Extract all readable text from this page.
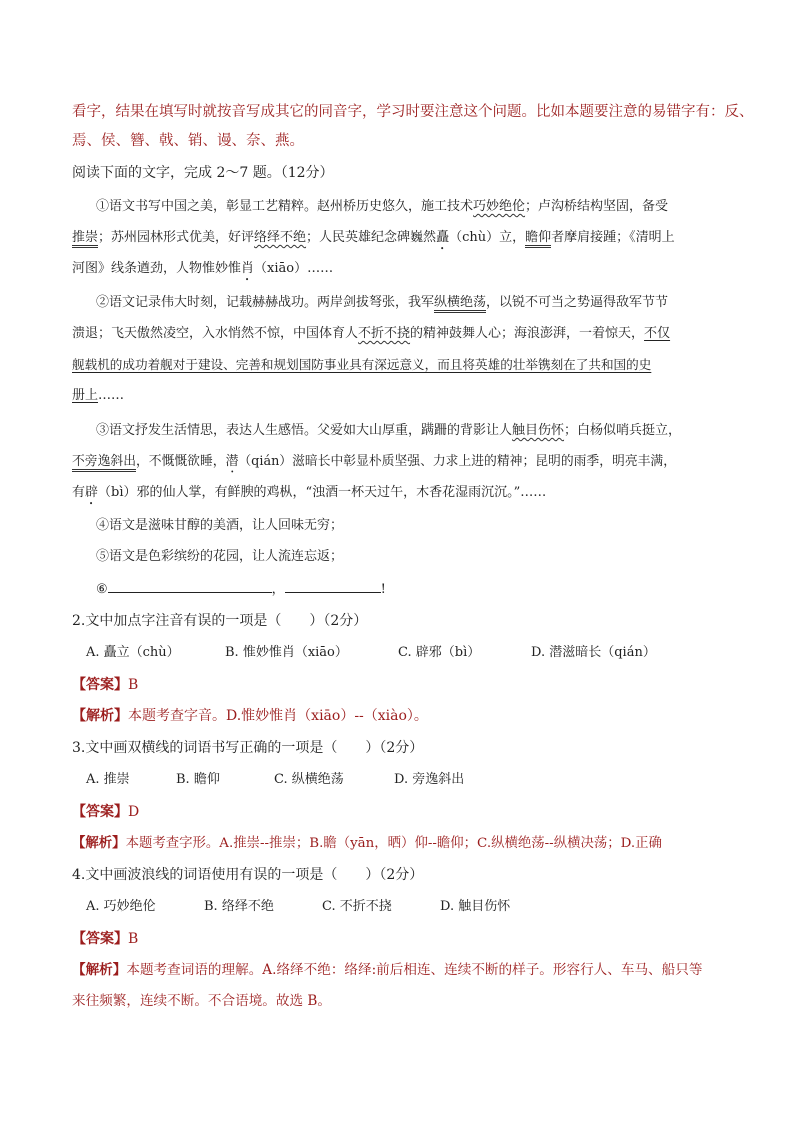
看字，结果在填写时就按音写成其它的同音字，学习时要注意这个问题。比如本题要注意的易错字有：反、
焉、侯、簪、戟、销、谩、奈、燕。
阅读下面的文字，完成 2～7 题。（12分）
①语文书写中国之美，彰显工艺精粹。赵州桥历史悠久，施工技术巧妙绝伦；卢沟桥结构坚固，备受
推崇；苏州园林形式优美，好评络绎不绝；人民英雄纪念碑巍然矗（chù）立，瞻仰者摩肩接踵；《清明上
河图》线条遒劲，人物惟妙惟肖（xiāo）……
②语文记录伟大时刻，记载赫赫战功。两岸剑拔弩张，我军纵横绝荡，以锐不可当之势逼得敌军节节
溃退；飞天傲然凌空，入水悄然不惊，中国体育人不折不挠的精神鼓舞人心；海浪澎湃，一着惊天，不仅
舰载机的成功着舰对于建设、完善和规划国防事业具有深远意义，而且将英雄的壮举镌刻在了共和国的史
册上……
③语文抒发生活情思，表达人生感悟。父爱如大山厚重，蹒跚的背影让人触目伤怀；白杨似哨兵挺立，
不旁逸斜出，不慨慨欲睡，潜（qián）滋暗长中彰显朴质坚强、力求上进的精神；昆明的雨季，明亮丰满，
有辟（bì）邪的仙人掌，有鲜腴的鸡枞，“浊酒一杯天过午，木香花湿雨沉沉。”……
④语文是滋味甘醇的美酒，让人回味无穷；
⑤语文是色彩缤纷的花园，让人流连忘返；
⑥	，	!
2.文中加点字注音有误的一项是（　　）（2分）
A. 矗立（chù）	B. 惟妙惟肖（xiāo）	C. 辟邪（bì）	D. 潜滋暗长（qián）
【答案】B
【解析】本题考查字音。D.惟妙惟肖（xiāo）--（xiào）。
3.文中画双横线的词语书写正确的一项是（　　）（2分）
A. 推崇	B. 瞻仰	C. 纵横绝荡	D. 旁逸斜出
【答案】D
【解析】本题考查字形。A.推崇--推崇；B.瞻（yān，晒）仰--瞻仰；C.纵横绝荡--纵横决荡；D.正确
4.文中画波浪线的词语使用有误的一项是（　　）（2分）
A. 巧妙绝伦	B. 络绎不绝	C. 不折不挠	D. 触目伤怀
【答案】B
【解析】本题考查词语的理解。A.络绎不绝：络绎:前后相连、连续不断的样子。形容行人、车马、船只等
来往频繁，连续不断。不合语境。故选 B。
